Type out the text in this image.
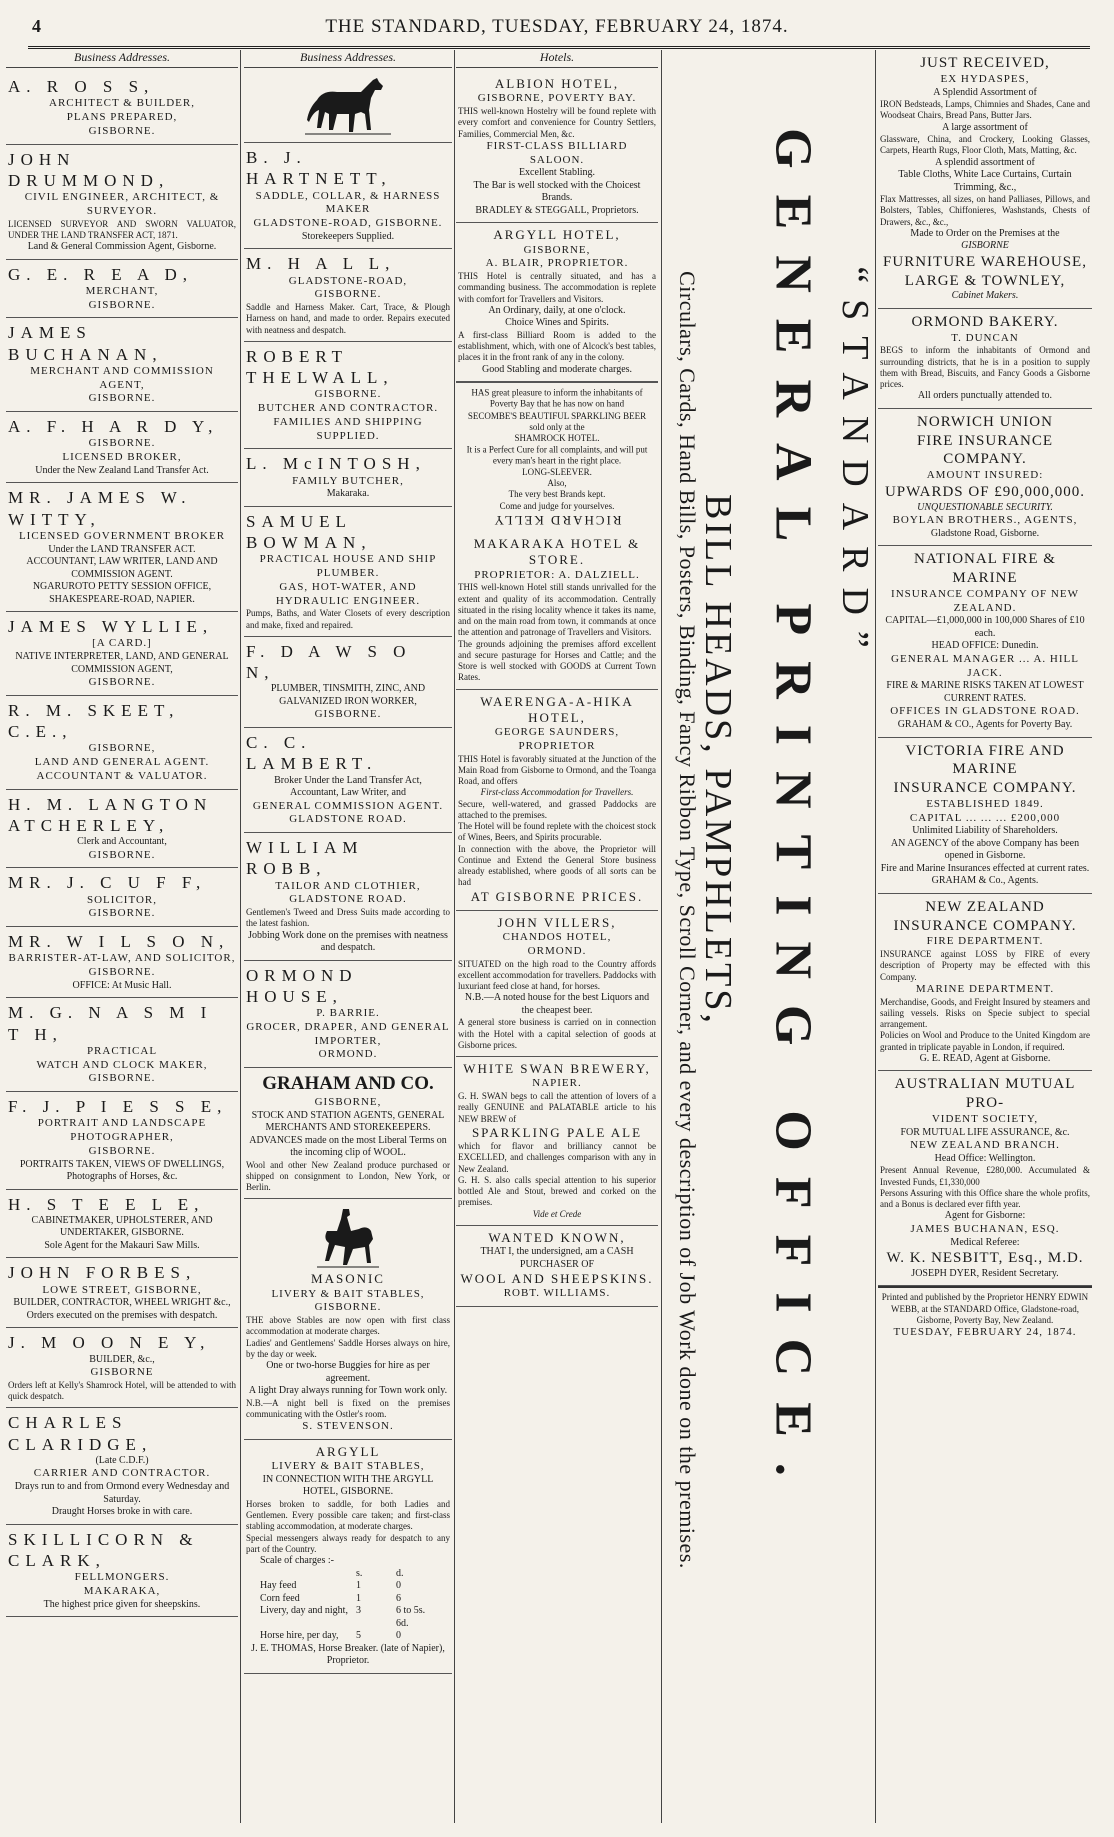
4	THE STANDARD, TUESDAY, FEBRUARY 24, 1874.
Business Addresses.
A. R O S S,
ARCHITECT & BUILDER,
PLANS PREPARED,
GISBORNE.
JOHN DRUMMOND,
CIVIL ENGINEER, ARCHITECT, & SURVEYOR.
LICENSED SURVEYOR AND SWORN VALUATOR, UNDER THE LAND TRANSFER ACT, 1871.
Land & General Commission Agent, Gisborne.
G. E. R E A D,
MERCHANT,
GISBORNE.
JAMES BUCHANAN,
MERCHANT AND COMMISSION AGENT,
GISBORNE.
A. F. H A R D Y,
GISBORNE.
LICENSED BROKER,
Under the New Zealand Land Transfer Act.
MR. JAMES W. WITTY,
LICENSED GOVERNMENT BROKER
Under the LAND TRANSFER ACT.
ACCOUNTANT, LAW WRITER, LAND AND COMMISSION AGENT.
NGARUROTO PETTY SESSION OFFICE, SHAKESPEARE-ROAD, NAPIER.
JAMES WYLLIE,
[A CARD.]
NATIVE INTERPRETER, LAND, AND GENERAL COMMISSION AGENT,
GISBORNE.
R. M. SKEET, C.E.,
GISBORNE,
LAND AND GENERAL AGENT.
ACCOUNTANT & VALUATOR.
H. M. LANGTON ATCHERLEY,
Clerk and Accountant,
GISBORNE.
MR. J. C U F F,
SOLICITOR,
GISBORNE.
MR. W I L S O N,
BARRISTER-AT-LAW, AND SOLICITOR,
GISBORNE.
OFFICE: At Music Hall.
M. G. N A S M I T H,
PRACTICAL
WATCH AND CLOCK MAKER,
GISBORNE.
F. J. P I E S S E,
PORTRAIT AND LANDSCAPE
PHOTOGRAPHER,
GISBORNE.
PORTRAITS TAKEN, VIEWS OF DWELLINGS, Photographs of Horses, &c.
H. S T E E L E,
CABINETMAKER, UPHOLSTERER, AND UNDERTAKER, GISBORNE.
Sole Agent for the Makauri Saw Mills.
JOHN FORBES,
LOWE STREET, GISBORNE,
BUILDER, CONTRACTOR, WHEEL WRIGHT &c.,
Orders executed on the premises with despatch.
J. M O O N E Y,
BUILDER, &c.,
GISBORNE
Orders left at Kelly's Shamrock Hotel, will be attended to with quick despatch.
CHARLES CLARIDGE,
(Late C.D.F.)
CARRIER AND CONTRACTOR.
Drays run to and from Ormond every Wednesday and Saturday.
Draught Horses broke in with care.
SKILLICORN & CLARK,
FELLMONGERS.
MAKARAKA,
The highest price given for sheepskins.
Business Addresses.
B. J. HARTNETT,
SADDLE, COLLAR, & HARNESS MAKER
GLADSTONE-ROAD, GISBORNE.
Storekeepers Supplied.
M. H A L L,
GLADSTONE-ROAD,
GISBORNE.
Saddle and Harness Maker. Cart, Trace, & Plough Harness on hand, and made to order. Repairs executed with neatness and despatch.
ROBERT THELWALL,
GISBORNE.
BUTCHER AND CONTRACTOR.
FAMILIES AND SHIPPING SUPPLIED.
L. McINTOSH,
FAMILY BUTCHER,
Makaraka.
SAMUEL BOWMAN,
PRACTICAL HOUSE AND SHIP PLUMBER.
GAS, HOT-WATER, AND HYDRAULIC ENGINEER.
Pumps, Baths, and Water Closets of every description and make, fixed and repaired.
F. D A W S O N,
PLUMBER, TINSMITH, ZINC, AND GALVANIZED IRON WORKER,
GISBORNE.
C. C. LAMBERT.
Broker Under the Land Transfer Act,
Accountant, Law Writer, and
GENERAL COMMISSION AGENT.
GLADSTONE ROAD.
WILLIAM ROBB,
TAILOR AND CLOTHIER,
GLADSTONE ROAD.
Gentlemen's Tweed and Dress Suits made according to the latest fashion.
Jobbing Work done on the premises with neatness and despatch.
ORMOND HOUSE,
P. BARRIE.
GROCER, DRAPER, AND GENERAL IMPORTER,
ORMOND.
GRAHAM AND CO.
GISBORNE,
STOCK AND STATION AGENTS, GENERAL MERCHANTS AND STOREKEEPERS.
ADVANCES made on the most Liberal Terms on the incoming clip of WOOL.
Wool and other New Zealand produce purchased or shipped on consignment to London, New York, or Berlin.
MASONIC
LIVERY & BAIT STABLES,
GISBORNE.
THE above Stables are now open with first class accommodation at moderate charges.
Ladies' and Gentlemens' Saddle Horses always on hire, by the day or week.
One or two-horse Buggies for hire as per agreement.
A light Dray always running for Town work only.
N.B.—A night bell is fixed on the premises communicating with the Ostler's room.
S. STEVENSON.
ARGYLL
LIVERY & BAIT STABLES,
IN CONNECTION WITH THE ARGYLL HOTEL, GISBORNE.
Horses broken to saddle, for both Ladies and Gentlemen. Every possible care taken; and first-class stabling accommodation, at moderate charges.
Special messengers always ready for despatch to any part of the Country.
Scale of charges :-
s.	d.
Hay feed	1	0
Corn feed	1	6
Livery, day and night, 3	6 to 5s. 6d.
Horse hire, per day,	5	0
J. E. THOMAS, Horse Breaker. (late of Napier), Proprietor.
Hotels.
ALBION HOTEL,
GISBORNE, POVERTY BAY.
THIS well-known Hostelry will be found replete with every comfort and convenience for Country Settlers, Families, Commercial Men, &c.
FIRST-CLASS BILLIARD SALOON.
Excellent Stabling.
The Bar is well stocked with the Choicest Brands.
BRADLEY & STEGGALL, Proprietors.
ARGYLL HOTEL,
GISBORNE,
A. BLAIR, PROPRIETOR.
THIS Hotel is centrally situated, and has a commanding business. The accommodation is replete with comfort for Travellers and Visitors.
An Ordinary, daily, at one o'clock.
Choice Wines and Spirits.
A first-class Billiard Room is added to the establishment, which, with one of Alcock's best tables, places it in the front rank of any in the colony.
Good Stabling and moderate charges.
RICHARD KELLY
Come and judge for yourselves.
The very best Brands kept.
Also,
LONG-SLEEVER.
It is a Perfect Cure for all complaints, and will put every man's heart in the right place.
SHAMROCK HOTEL.
sold only at the
SECOMBE'S BEAUTIFUL SPARKLING BEER
HAS great pleasure to inform the inhabitants of Poverty Bay that he has now on hand
MAKARAKA HOTEL & STORE.
PROPRIETOR: A. DALZIELL.
THIS well-known Hotel still stands unrivalled for the extent and quality of its accommodation. Centrally situated in the rising locality whence it takes its name, and on the main road from town, it commands at once the attention and patronage of Travellers and Visitors.
The grounds adjoining the premises afford excellent and secure pasturage for Horses and Cattle; and the Store is well stocked with GOODS at Current Town Rates.
WAERENGA-A-HIKA HOTEL,
GEORGE SAUNDERS, PROPRIETOR
THIS Hotel is favorably situated at the Junction of the Main Road from Gisborne to Ormond, and the Toanga Road, and offers
First-class Accommodation for Travellers.
Secure, well-watered, and grassed Paddocks are attached to the premises.
The Hotel will be found replete with the choicest stock of Wines, Beers, and Spirits procurable.
In connection with the above, the Proprietor will Continue and Extend the General Store business already established, where goods of all sorts can be had
AT GISBORNE PRICES.
JOHN VILLERS,
CHANDOS HOTEL,
ORMOND.
SITUATED on the high road to the Country affords excellent accommodation for travellers. Paddocks with luxuriant feed close at hand, for horses.
N.B.—A noted house for the best Liquors and the cheapest beer.
A general store business is carried on in connection with the Hotel with a capital selection of goods at Gisborne prices.
WHITE SWAN BREWERY,
NAPIER.
G. H. SWAN begs to call the attention of lovers of a really GENUINE and PALATABLE article to his NEW BREW of
SPARKLING PALE ALE
which for flavor and brilliancy cannot be EXCELLED, and challenges comparison with any in New Zealand.
G. H. S. also calls special attention to his superior bottled Ale and Stout, brewed and corked on the premises.
Vide et Crede
WANTED KNOWN,
THAT I, the undersigned, am a CASH PURCHASER OF
WOOL AND SHEEPSKINS.
ROBT. WILLIAMS.	Circulars, Cards, Hand Bills, Posters, Binding, Fancy Ribbon Type, Scroll Corner, and every description of Job Work done on the premises.
BILL HEADS, PAMPHLETS, GENERAL PRINTING OFFICE. “STANDARD”
JUST RECEIVED,
EX HYDASPES,
A Splendid Assortment of
IRON Bedsteads, Lamps, Chimnies and Shades, Cane and Woodseat Chairs, Bread Pans, Butter Jars.
A large assortment of
Glassware, China, and Crockery, Looking Glasses, Carpets, Hearth Rugs, Floor Cloth, Mats, Matting, &c.
A splendid assortment of
Table Cloths, White Lace Curtains, Curtain Trimming, &c.,
Flax Mattresses, all sizes, on hand Palliases, Pillows, and Bolsters, Tables, Chiffonieres, Washstands, Chests of Drawers, &c., &c.,
Made to Order on the Premises at the
GISBORNE
FURNITURE WAREHOUSE,
LARGE & TOWNLEY,
Cabinet Makers.
ORMOND BAKERY.
T. DUNCAN
BEGS to inform the inhabitants of Ormond and surrounding districts, that he is in a position to supply them with Bread, Biscuits, and Fancy Goods a Gisborne prices.
All orders punctually attended to.
NORWICH UNION
FIRE INSURANCE COMPANY.
AMOUNT INSURED:
UPWARDS OF £90,000,000.
UNQUESTIONABLE SECURITY.
BOYLAN BROTHERS., AGENTS,
Gladstone Road, Gisborne.
NATIONAL FIRE & MARINE
INSURANCE COMPANY OF NEW ZEALAND.
CAPITAL—£1,000,000 in 100,000 Shares of £10 each.
HEAD OFFICE: Dunedin.
GENERAL MANAGER ... A. HILL JACK.
FIRE & MARINE RISKS TAKEN AT LOWEST CURRENT RATES.
OFFICES IN GLADSTONE ROAD.
GRAHAM & CO., Agents for Poverty Bay.
VICTORIA FIRE AND MARINE
INSURANCE COMPANY.
ESTABLISHED 1849.
CAPITAL ... ... ... £200,000
Unlimited Liability of Shareholders.
AN AGENCY of the above Company has been opened in Gisborne.
Fire and Marine Insurances effected at current rates.
GRAHAM & Co., Agents.
NEW ZEALAND
INSURANCE COMPANY.
FIRE DEPARTMENT.
INSURANCE against LOSS by FIRE of every description of Property may be effected with this Company.
MARINE DEPARTMENT.
Merchandise, Goods, and Freight Insured by steamers and sailing vessels. Risks on Specie subject to special arrangement.
Policies on Wool and Produce to the United Kingdom are granted in triplicate payable in London, if required.
G. E. READ, Agent at Gisborne.
AUSTRALIAN MUTUAL PRO-
VIDENT SOCIETY,
FOR MUTUAL LIFE ASSURANCE, &c.
NEW ZEALAND BRANCH.
Head Office: Wellington.
Present Annual Revenue, £280,000. Accumulated & Invested Funds, £1,330,000
Persons Assuring with this Office share the whole profits, and a Bonus is declared ever fifth year.
Agent for Gisborne:
JAMES BUCHANAN, ESQ.
Medical Referee:
W. K. NESBITT, Esq., M.D.
JOSEPH DYER, Resident Secretary.
Printed and published by the Proprietor HENRY EDWIN WEBB, at the STANDARD Office, Gladstone-road, Gisborne, Poverty Bay, New Zealand.
TUESDAY, FEBRUARY 24, 1874.
